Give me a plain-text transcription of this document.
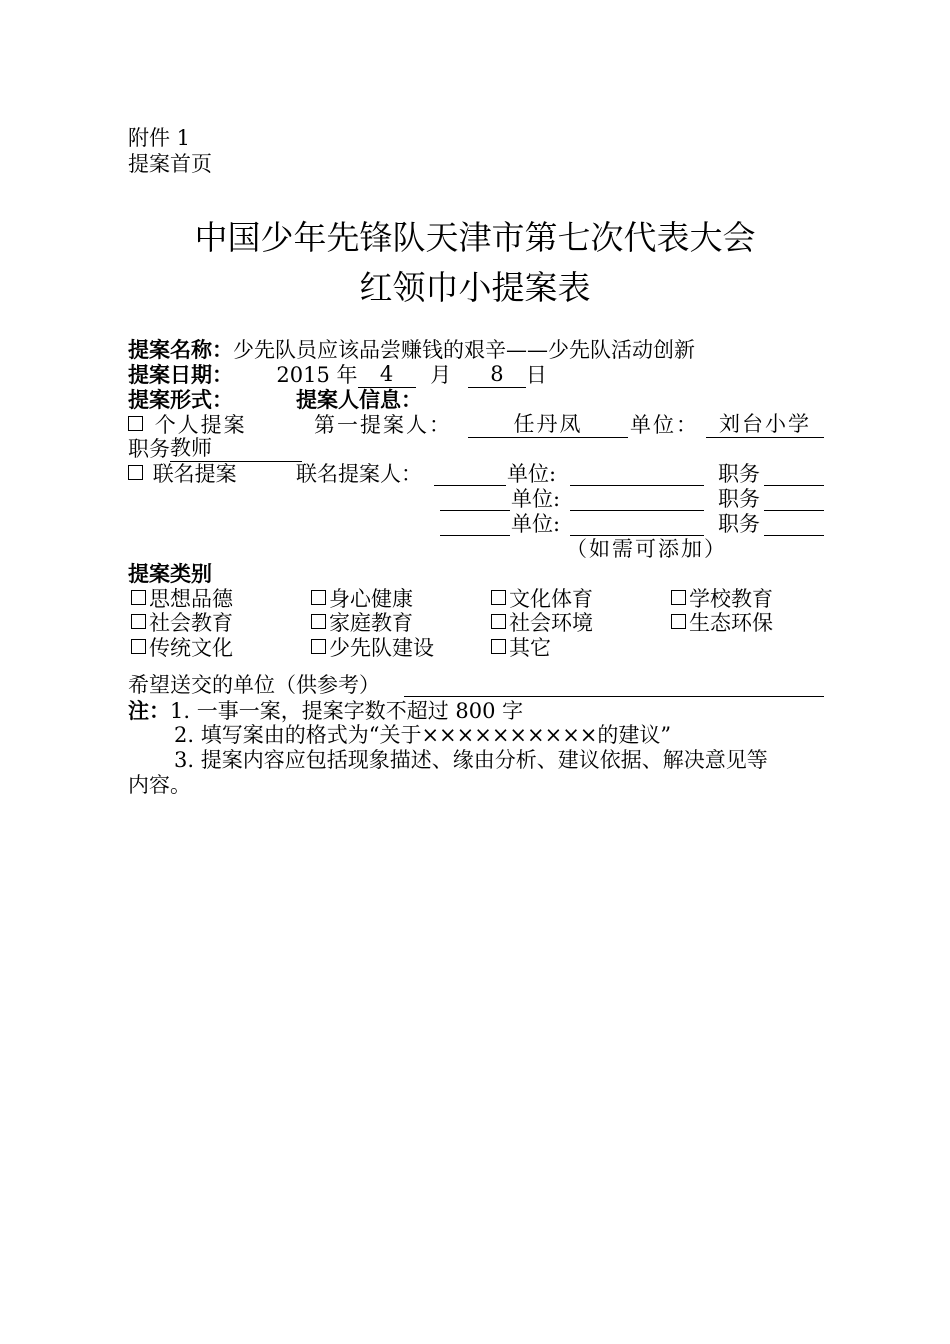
附件 1
提案首页
中国少年先锋队天津市第七次代表大会
红领巾小提案表
提案名称：少先队员应该品尝赚钱的艰辛——少先队活动创新
提案日期： 2015 年 4 月 8 日
提案形式：	提案人信息：
个人提案	第一提案人：	任丹凤	单位： 刘台小学
职务教师
联名提案	联名提案人：	单位:	职务
单位:	职务
单位:	职务
（如需可添加）
提案类别
思想品德	身心健康	文化体育	学校教育
社会教育	家庭教育	社会环境	生态环保
传统文化	少先队建设	其它
希望送交的单位（供参考）
注：1. 一事一案，提案字数不超过 800 字
2. 填写案由的格式为“关于××××××××××的建议”
3. 提案内容应包括现象描述、缘由分析、建议依据、解决意见等
内容。
